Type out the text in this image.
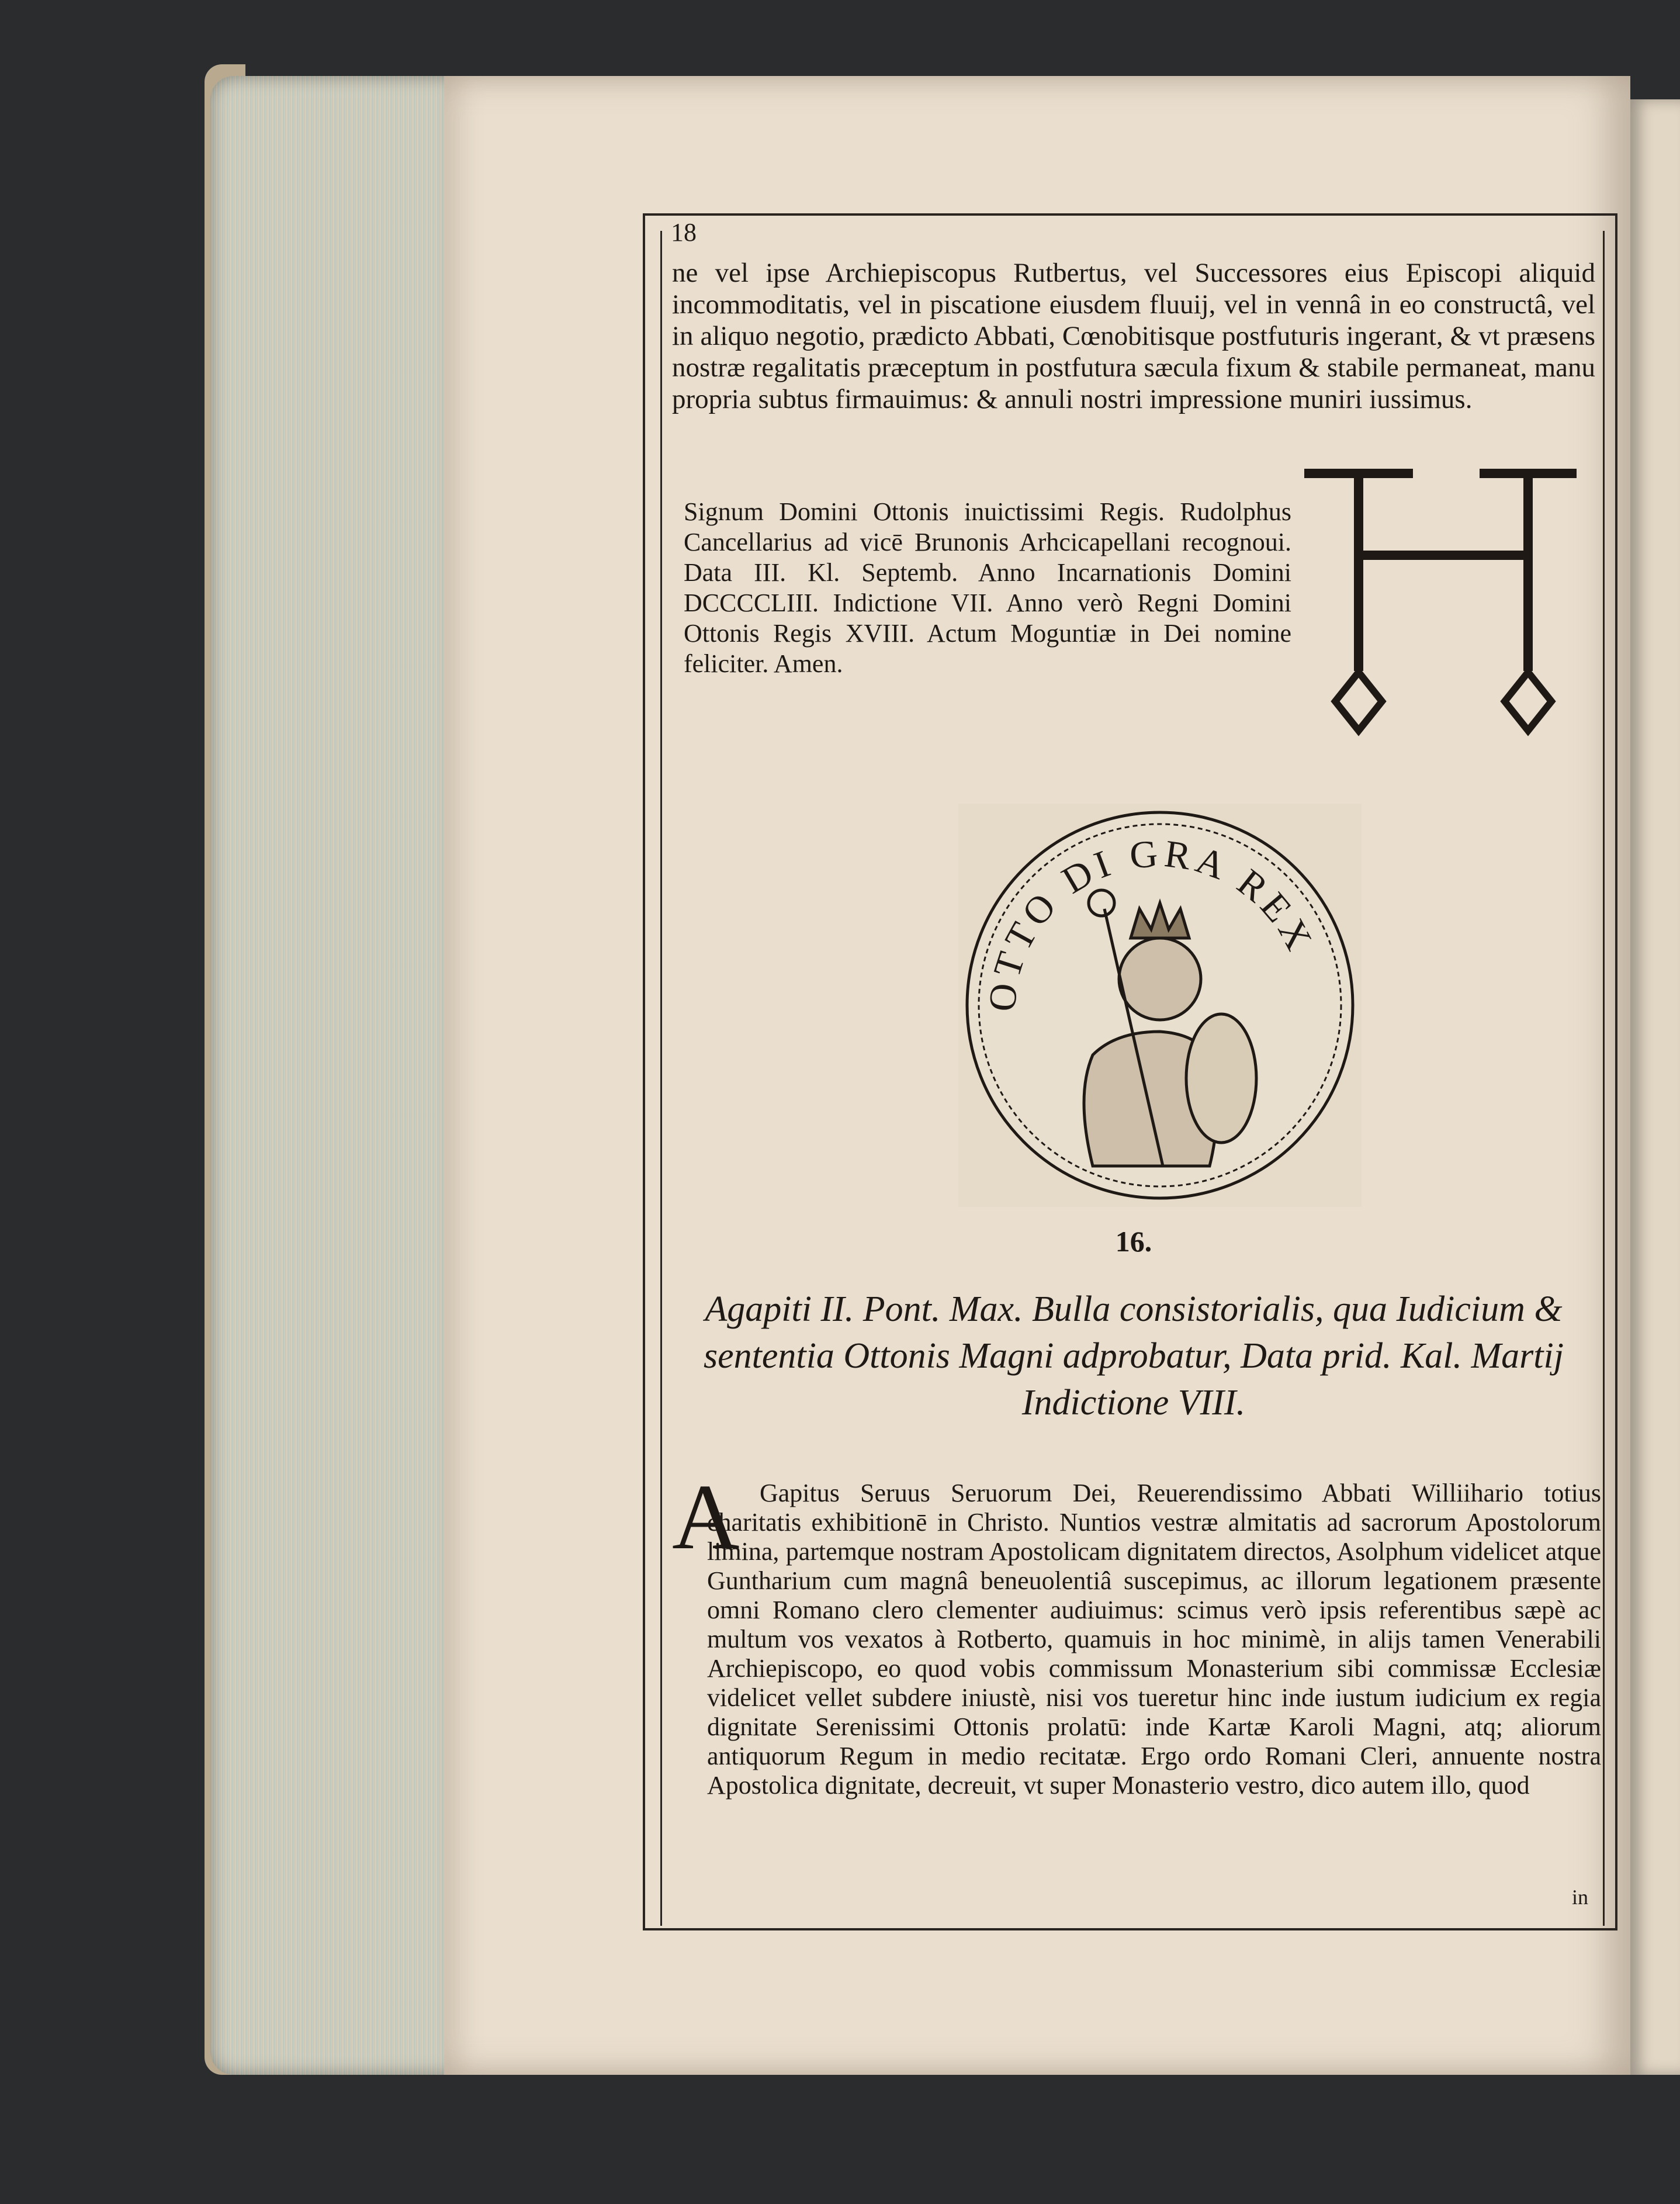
18

ne vel ipse Archiepiscopus Rutbertus, vel Successores eius Episcopi aliquid incommoditatis, vel in piscatione eiusdem fluuij, vel in vennâ in eo constructâ, vel in aliquo negotio, prædicto Abbati, Cœnobitisque postfuturis ingerant, & vt præsens nostræ regalitatis præceptum in postfutura sæcula fixum & stabile permaneat, manu propria subtus firmauimus: & annuli nostri impressione muniri iussimus.

Signum Domini Ottonis inuictissimi Regis. Rudolphus Cancellarius ad vicē Brunonis Arhcicapellani recognoui. Data III. Kl. Septemb. Anno Incarnationis Domini DCCCCLIII. Indictione VII. Anno verò Regni Domini Ottonis Regis XVIII. Actum Moguntiæ in Dei nomine feliciter. Amen.

OTTO DI GRA REX
16.
Agapiti II. Pont. Max. Bulla consistorialis, qua Iudicium & sententia Ottonis Magni adprobatur, Data prid. Kal. Martij Indictione VIII.
A Gapitus Seruus Seruorum Dei, Reuerendissimo Abbati Williihario totius charitatis exhibitionē in Christo. Nuntios vestræ almitatis ad sacrorum Apostolorum limina, partemque nostram Apostolicam dignitatem directos, Asolphum videlicet atque Guntharium cum magnâ beneuolentiâ suscepimus, ac illorum legationem præsente omni Romano clero clementer audiuimus: scimus verò ipsis referentibus sæpè ac multum vos vexatos à Rotberto, quamuis in hoc minimè, in alijs tamen Venerabili Archiepiscopo, eo quod vobis commissum Monasterium sibi commissæ Ecclesiæ videlicet vellet subdere iniustè, nisi vos tueretur hinc inde iustum iudicium ex regia dignitate Serenissimi Ottonis prolatū: inde Kartæ Karoli Magni, atq; aliorum antiquorum Regum in medio recitatæ. Ergo ordo Romani Cleri, annuente nostra Apostolica dignitate, decreuit, vt super Monasterio vestro, dico autem illo, quod

in
